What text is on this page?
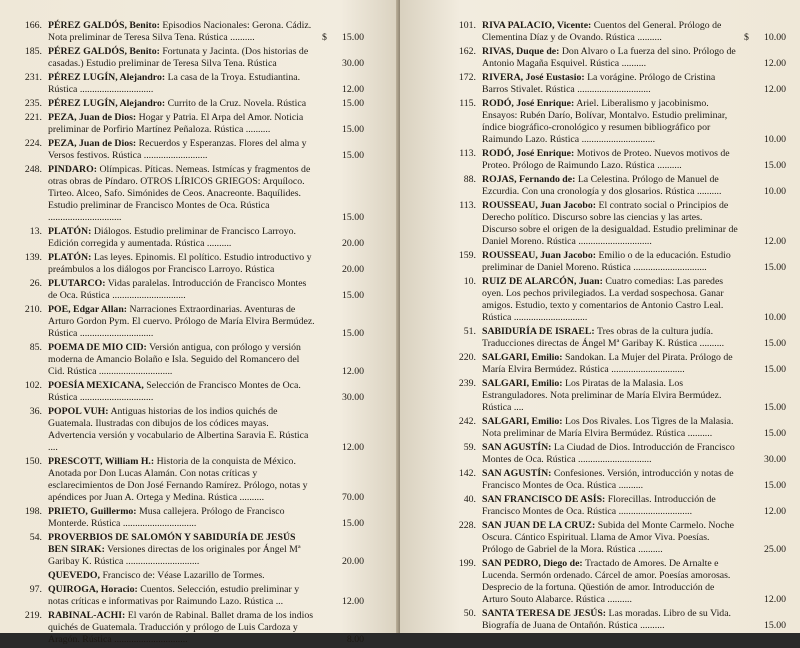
166. PÉREZ GALDÓS, Benito: Episodios Nacionales: Gerona. Cádiz. Nota preliminar de Teresa Silva Tena. Rústica ..........	$ 15.00
185. PÉREZ GALDÓS, Benito: Fortunata y Jacinta. (Dos historias de casadas.) Estudio preliminar de Teresa Silva Tena. Rústica	30.00
231. PÉREZ LUGÍN, Alejandro: La casa de la Troya. Estudiantina. Rústica ..............................	12.00
235. PÉREZ LUGÍN, Alejandro: Currito de la Cruz. Novela. Rústica	15.00
221. PEZA, Juan de Dios: Hogar y Patria. El Arpa del Amor. Noticia preliminar de Porfirio Martínez Peñaloza. Rústica ..........	15.00
224. PEZA, Juan de Dios: Recuerdos y Esperanzas. Flores del alma y Versos festivos. Rústica ..........................	15.00
248. PINDARO: Olímpicas. Píticas. Nemeas. Istmícas y fragmentos de otras obras de Píndaro. OTROS LÍRICOS GRIEGOS: Arquíloco. Tirteo. Alceo, Safo. Simónides de Ceos. Anacreonte. Baquílides. Estudio preliminar de Francisco Montes de Oca. Rústica ..............................	15.00
13. PLATÓN: Diálogos. Estudio preliminar de Francisco Larroyo. Edición corregida y aumentada. Rústica ..........	20.00
139. PLATÓN: Las leyes. Epinomis. El político. Estudio introductivo y preámbulos a los diálogos por Francisco Larroyo. Rústica	20.00
26. PLUTARCO: Vidas paralelas. Introducción de Francisco Montes de Oca. Rústica ..............................	15.00
210. POE, Edgar Allan: Narraciones Extraordinarias. Aventuras de Arturo Gordon Pym. El cuervo. Prólogo de María Elvira Bermúdez. Rústica ..............................	15.00
85. POEMA DE MIO CID: Versión antigua, con prólogo y versión moderna de Amancio Bolaño e Isla. Seguido del Romancero del Cid. Rústica ..............................	12.00
102. POESÍA MEXICANA, Selección de Francisco Montes de Oca. Rústica ..............................	30.00
36. POPOL VUH: Antiguas historias de los indios quichés de Guatemala. Ilustradas con dibujos de los códices mayas. Advertencia versión y vocabulario de Albertina Saravia E. Rústica ....	12.00
150. PRESCOTT, William H.: Historia de la conquista de México. Anotada por Don Lucas Alamán. Con notas críticas y esclarecimientos de Don José Fernando Ramírez. Prólogo, notas y apéndices por Juan A. Ortega y Medina. Rústica ..........	70.00
198. PRIETO, Guillermo: Musa callejera. Prólogo de Francisco Monterde. Rústica ..............................	15.00
54. PROVERBIOS DE SALOMÓN Y SABIDURÍA DE JESÚS BEN SIRAK: Versiones directas de los originales por Ángel Mª Garibay K. Rústica ..............................	20.00
QUEVEDO, Francisco de: Véase Lazarillo de Tormes.
97. QUIROGA, Horacio: Cuentos. Selección, estudio preliminar y notas críticas e informativas por Raimundo Lazo. Rústica ...	12.00
219. RABINAL-ACHI: El varón de Rabinal. Ballet drama de los indios quichés de Guatemala. Traducción y prólogo de Luis Cardoza y Aragón. Rústica ..............................	8.00
101. RIVA PALACIO, Vicente: Cuentos del General. Prólogo de Clementina Díaz y de Ovando. Rústica ..........	$ 10.00
162. RIVAS, Duque de: Don Alvaro o La fuerza del sino. Prólogo de Antonio Magaña Esquivel. Rústica ..........	12.00
172. RIVERA, José Eustasio: La vorágine. Prólogo de Cristina Barros Stivalet. Rústica ..............................	12.00
115. RODÓ, José Enrique: Ariel. Liberalismo y jacobinismo. Ensayos: Rubén Darío, Bolívar, Montalvo. Estudio preliminar, índice biográfico-cronológico y resumen bibliográfico por Raimundo Lazo. Rústica ..............................	10.00
113. RODÓ, José Enrique: Motivos de Proteo. Nuevos motivos de Proteo. Prólogo de Raimundo Lazo. Rústica ..........	15.00
88. ROJAS, Fernando de: La Celestina. Prólogo de Manuel de Ezcurdia. Con una cronología y dos glosarios. Rústica ..........	10.00
113. ROUSSEAU, Juan Jacobo: El contrato social o Principios de Derecho político. Discurso sobre las ciencias y las artes. Discurso sobre el origen de la desigualdad. Estudio preliminar de Daniel Moreno. Rústica ..............................	12.00
159. ROUSSEAU, Juan Jacobo: Emilio o de la educación. Estudio preliminar de Daniel Moreno. Rústica ..............................	15.00
10. RUIZ DE ALARCÓN, Juan: Cuatro comedias: Las paredes oyen. Los pechos privilegiados. La verdad sospechosa. Ganar amigos. Estudio, texto y comentarios de Antonio Castro Leal. Rústica ..............................	10.00
51. SABIDURÍA DE ISRAEL: Tres obras de la cultura judía. Traducciones directas de Ángel Mª Garibay K. Rústica ..........	15.00
220. SALGARI, Emilio: Sandokan. La Mujer del Pirata. Prólogo de María Elvira Bermúdez. Rústica ..............................	15.00
239. SALGARI, Emilio: Los Piratas de la Malasia. Los Estranguladores. Nota preliminar de María Elvira Bermúdez. Rústica ....	15.00
242. SALGARI, Emilio: Los Dos Rivales. Los Tigres de la Malasia. Nota preliminar de María Elvira Bermúdez. Rústica ..........	15.00
59. SAN AGUSTÍN: La Ciudad de Dios. Introducción de Francisco Montes de Oca. Rústica ..............................	30.00
142. SAN AGUSTÍN: Confesiones. Versión, introducción y notas de Francisco Montes de Oca. Rústica ..........	15.00
40. SAN FRANCISCO DE ASÍS: Florecillas. Introducción de Francisco Montes de Oca. Rústica ..............................	12.00
228. SAN JUAN DE LA CRUZ: Subida del Monte Carmelo. Noche Oscura. Cántico Espiritual. Llama de Amor Viva. Poesías. Prólogo de Gabriel de la Mora. Rústica ..........	25.00
199. SAN PEDRO, Diego de: Tractado de Amores. De Arnalte e Lucenda. Sermón ordenado. Cárcel de amor. Poesías amorosas. Desprecio de la fortuna. Qüestión de amor. Introducción de Arturo Souto Alabarce. Rústica ..........	12.00
50. SANTA TERESA DE JESÚS: Las moradas. Libro de su Vida. Biografía de Juana de Ontañón. Rústica ..........	15.00
